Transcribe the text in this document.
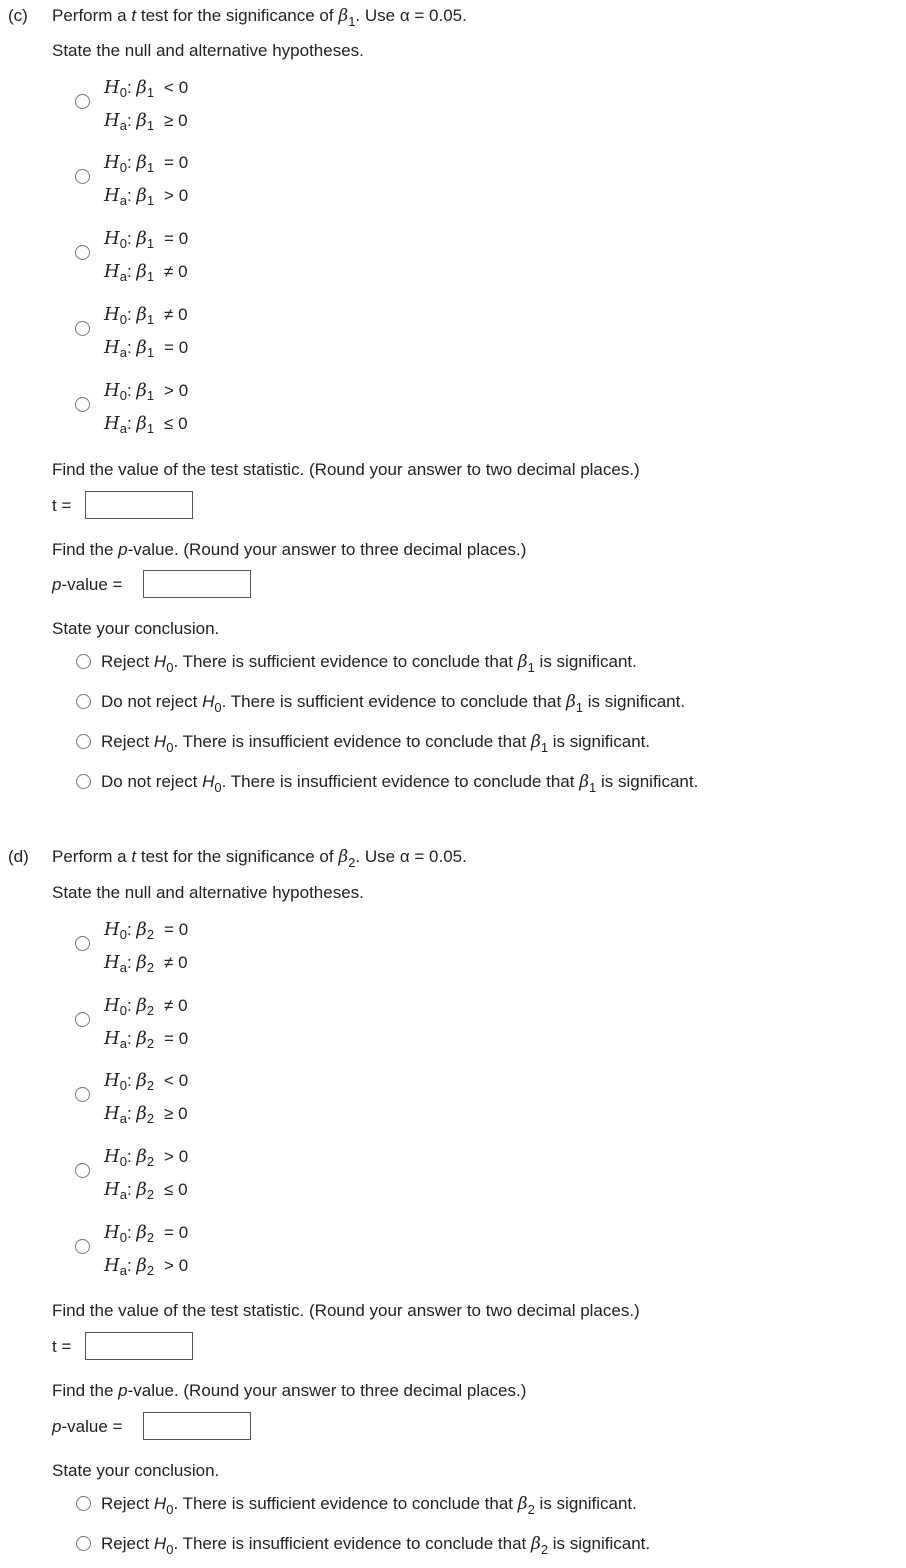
(c) Perform a t test for the significance of $\beta_1$. Use α = 0.05.
State the null and alternative hypotheses.
$H_0$: $\beta_1 < 0$
$H_a$: $\beta_1 \ge 0$
$H_0$: $\beta_1 = 0$
$H_a$: $\beta_1 > 0$
$H_0$: $\beta_1 = 0$
$H_a$: $\beta_1 \ne 0$
$H_0$: $\beta_1 \ne 0$
$H_a$: $\beta_1 = 0$
$H_0$: $\beta_1 > 0$
$H_a$: $\beta_1 \le 0$
Find the value of the test statistic. (Round your answer to two decimal places.)
t =
Find the p-value. (Round your answer to three decimal places.)
p-value =
State your conclusion.
Reject $H_0$. There is sufficient evidence to conclude that $\beta_1$ is significant.
Do not reject $H_0$. There is sufficient evidence to conclude that $\beta_1$ is significant.
Reject $H_0$. There is insufficient evidence to conclude that $\beta_1$ is significant.
Do not reject $H_0$. There is insufficient evidence to conclude that $\beta_1$ is significant.
(d) Perform a t test for the significance of $\beta_2$. Use α = 0.05.
State the null and alternative hypotheses.
$H_0$: $\beta_2 = 0$
$H_a$: $\beta_2 \ne 0$
$H_0$: $\beta_2 \ne 0$
$H_a$: $\beta_2 = 0$
$H_0$: $\beta_2 < 0$
$H_a$: $\beta_2 \ge 0$
$H_0$: $\beta_2 > 0$
$H_a$: $\beta_2 \le 0$
$H_0$: $\beta_2 = 0$
$H_a$: $\beta_2 > 0$
Find the value of the test statistic. (Round your answer to two decimal places.)
t =
Find the p-value. (Round your answer to three decimal places.)
p-value =
State your conclusion.
Reject $H_0$. There is sufficient evidence to conclude that $\beta_2$ is significant.
Reject $H_0$. There is insufficient evidence to conclude that $\beta_2$ is significant.
